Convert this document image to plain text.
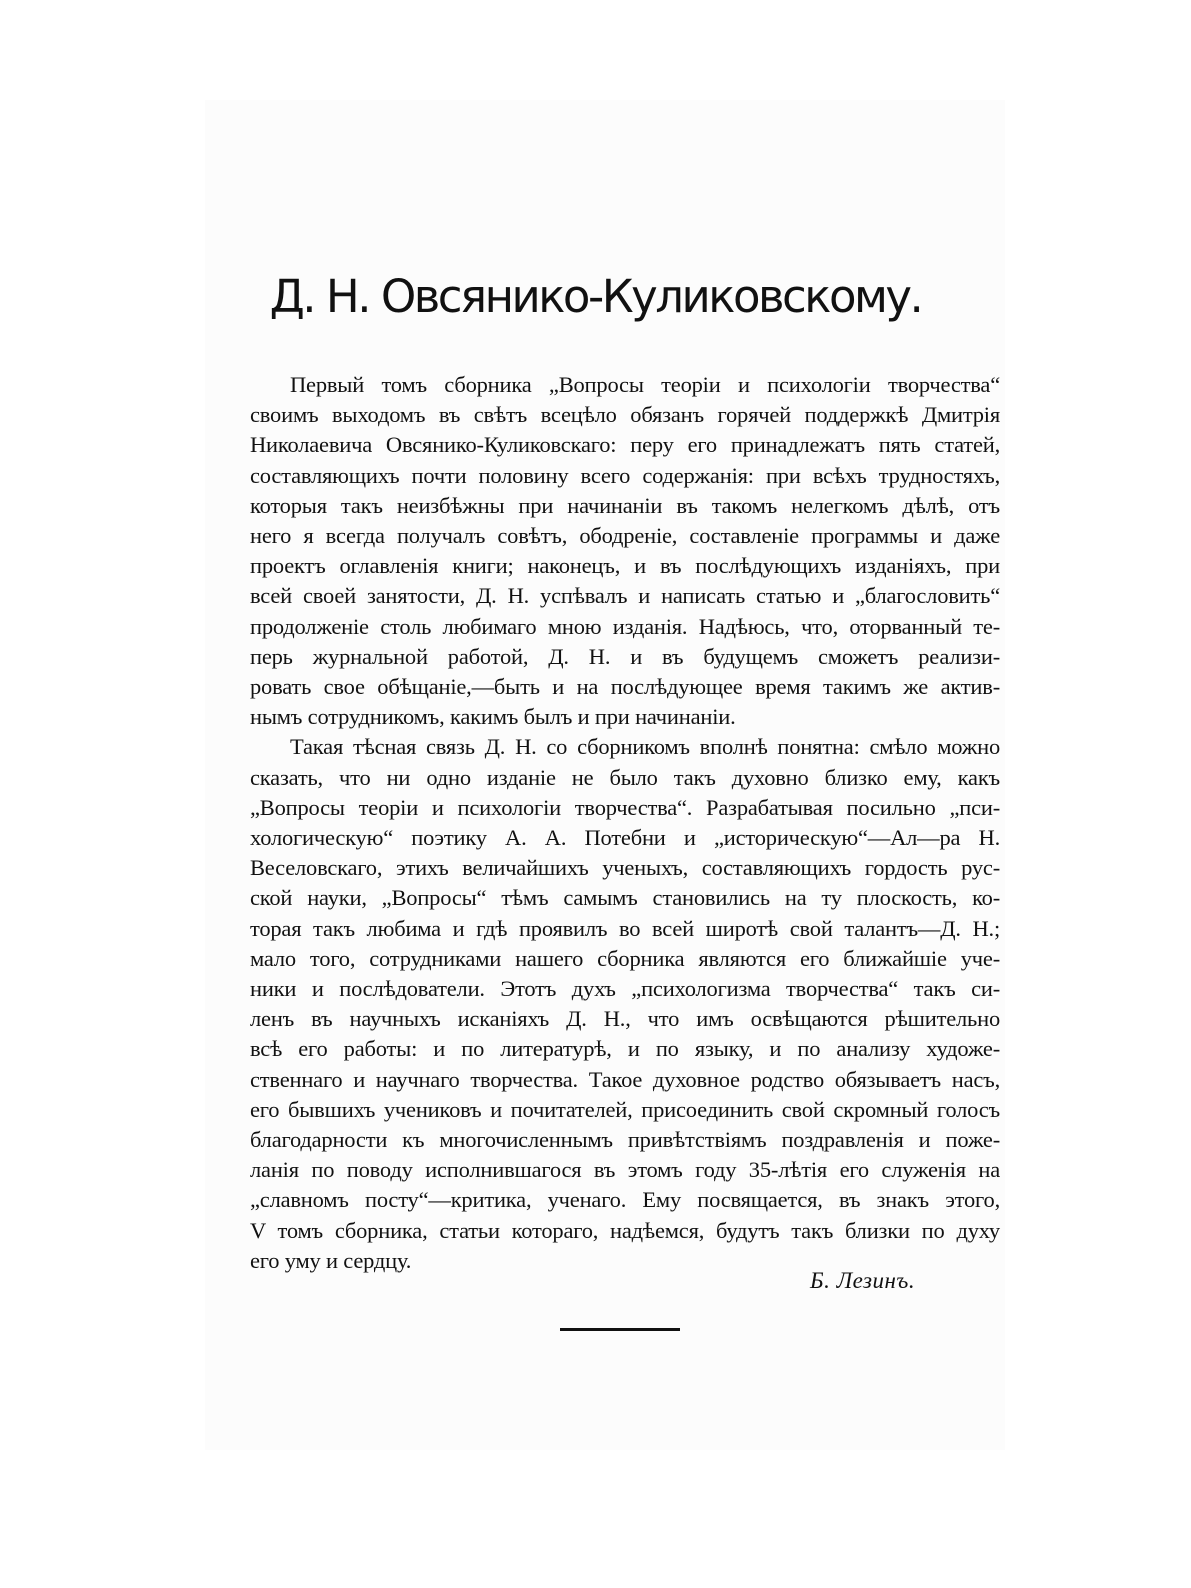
Д. Н. Овсянико-Куликовскому.
Первый томъ сборника „Вопросы теоріи и психологіи творчества“
своимъ выходомъ въ свѣтъ всецѣло обязанъ горячей поддержкѣ Дмитрія
Николаевича Овсянико-Куликовскаго: перу его принадлежатъ пять статей,
составляющихъ почти половину всего содержанія: при всѣхъ трудностяхъ,
которыя такъ неизбѣжны при начинаніи въ такомъ нелегкомъ дѣлѣ, отъ
него я всегда получалъ совѣтъ, ободреніе, составленіе программы и даже
проектъ оглавленія книги; наконецъ, и въ послѣдующихъ изданіяхъ, при
всей своей занятости, Д. Н. успѣвалъ и написать статью и „благословить“
продолженіе столь любимаго мною изданія. Надѣюсь, что, оторванный те-
перь журнальной работой, Д. Н. и въ будущемъ сможетъ реализи-
ровать свое обѣщаніе,—быть и на послѣдующее время такимъ же актив-
нымъ сотрудникомъ, какимъ былъ и при начинаніи.
Такая тѣсная связь Д. Н. со сборникомъ вполнѣ понятна: смѣло можно
сказать, что ни одно изданіе не было такъ духовно близко ему, какъ
„Вопросы теоріи и психологіи творчества“. Разрабатывая посильно „пси-
хологическую“ поэтику А. А. Потебни и „историческую“—Ал—ра Н.
Веселовскаго, этихъ величайшихъ ученыхъ, составляющихъ гордость рус-
ской науки, „Вопросы“ тѣмъ самымъ становились на ту плоскость, ко-
торая такъ любима и гдѣ проявилъ во всей широтѣ свой талантъ—Д. Н.;
мало того, сотрудниками нашего сборника являются его ближайшіе уче-
ники и послѣдователи. Этотъ духъ „психологизма творчества“ такъ си-
ленъ въ научныхъ исканіяхъ Д. Н., что имъ освѣщаются рѣшительно
всѣ его работы: и по литературѣ, и по языку, и по анализу художе-
ственнаго и научнаго творчества. Такое духовное родство обязываетъ насъ,
его бывшихъ учениковъ и почитателей, присоединить свой скромный голосъ
благодарности къ многочисленнымъ привѣтствіямъ поздравленія и поже-
ланія по поводу исполнившагося въ этомъ году 35-лѣтія его служенія на
„славномъ посту“—критика, ученаго. Ему посвящается, въ знакъ этого,
V томъ сборника, статьи котораго, надѣемся, будутъ такъ близки по духу
его уму и сердцу.
Б. Лезинъ.
